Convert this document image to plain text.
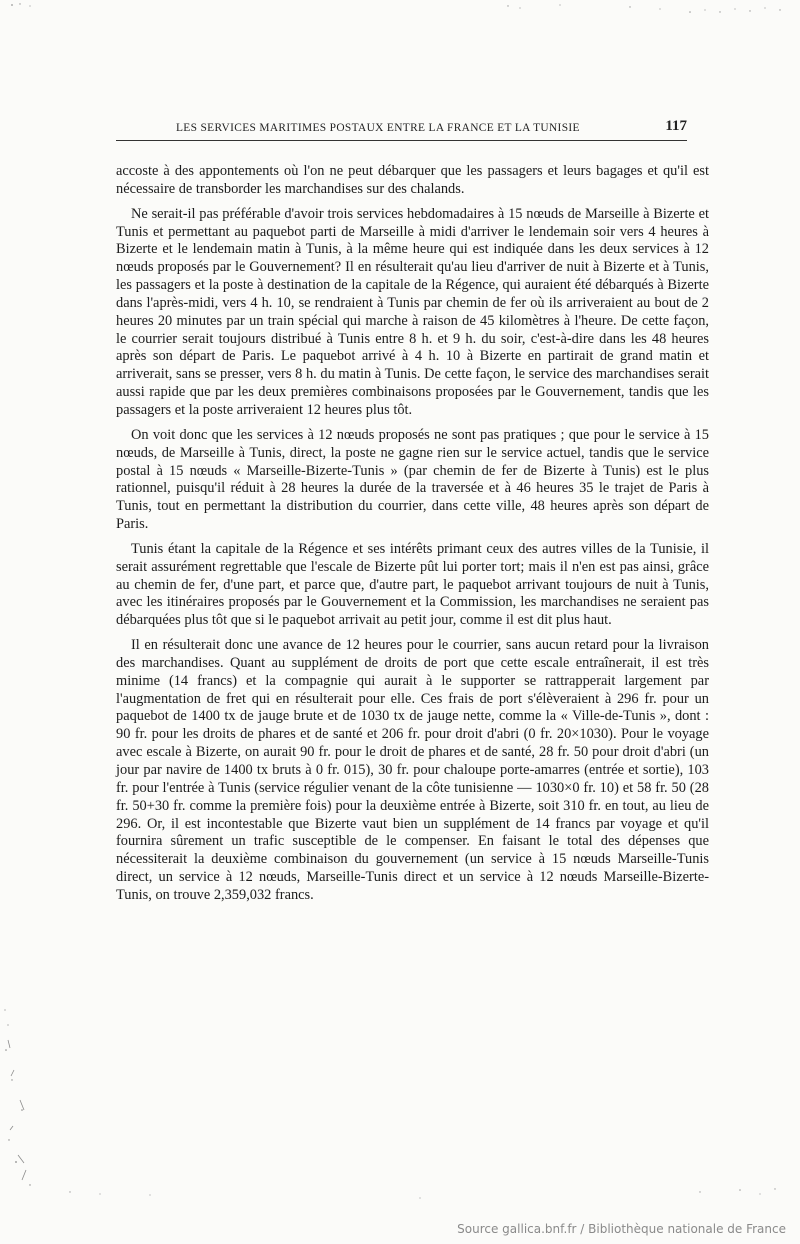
LES SERVICES MARITIMES POSTAUX ENTRE LA FRANCE ET LA TUNISIE	117

accoste à des appontements où l'on ne peut débarquer que les passagers et leurs bagages et qu'il est nécessaire de transborder les marchandises sur des chalands.

Ne serait-il pas préférable d'avoir trois services hebdomadaires à 15 nœuds de Marseille à Bizerte et Tunis et permettant au paquebot parti de Marseille à midi d'arriver le lendemain soir vers 4 heures à Bizerte et le lendemain matin à Tunis, à la même heure qui est indiquée dans les deux services à 12 nœuds proposés par le Gouvernement? Il en résulterait qu'au lieu d'arriver de nuit à Bizerte et à Tunis, les passagers et la poste à destination de la capitale de la Régence, qui auraient été débarqués à Bizerte dans l'après-midi, vers 4 h. 10, se rendraient à Tunis par chemin de fer où ils arriveraient au bout de 2 heures 20 minutes par un train spécial qui marche à raison de 45 kilomètres à l'heure. De cette façon, le courrier serait toujours distribué à Tunis entre 8 h. et 9 h. du soir, c'est-à-dire dans les 48 heures après son départ de Paris. Le paquebot arrivé à 4 h. 10 à Bizerte en partirait de grand matin et arriverait, sans se presser, vers 8 h. du matin à Tunis. De cette façon, le service des marchandises serait aussi rapide que par les deux premières combinaisons proposées par le Gouvernement, tandis que les passagers et la poste arriveraient 12 heures plus tôt.

On voit donc que les services à 12 nœuds proposés ne sont pas pratiques ; que pour le service à 15 nœuds, de Marseille à Tunis, direct, la poste ne gagne rien sur le service actuel, tandis que le service postal à 15 nœuds « Marseille-Bizerte-Tunis » (par chemin de fer de Bizerte à Tunis) est le plus rationnel, puisqu'il réduit à 28 heures la durée de la traversée et à 46 heures 35 le trajet de Paris à Tunis, tout en permettant la distribution du courrier, dans cette ville, 48 heures après son départ de Paris.

Tunis étant la capitale de la Régence et ses intérêts primant ceux des autres villes de la Tunisie, il serait assurément regrettable que l'escale de Bizerte pût lui porter tort; mais il n'en est pas ainsi, grâce au chemin de fer, d'une part, et parce que, d'autre part, le paquebot arrivant toujours de nuit à Tunis, avec les itinéraires proposés par le Gouvernement et la Commission, les marchandises ne seraient pas débarquées plus tôt que si le paquebot arrivait au petit jour, comme il est dit plus haut.

Il en résulterait donc une avance de 12 heures pour le courrier, sans aucun retard pour la livraison des marchandises. Quant au supplément de droits de port que cette escale entraînerait, il est très minime (14 francs) et la compagnie qui aurait à le supporter se rattrapperait largement par l'augmentation de fret qui en résulterait pour elle. Ces frais de port s'élèveraient à 296 fr. pour un paquebot de 1400 tx de jauge brute et de 1030 tx de jauge nette, comme la « Ville-de-Tunis », dont : 90 fr. pour les droits de phares et de santé et 206 fr. pour droit d'abri (0 fr. 20×1030). Pour le voyage avec escale à Bizerte, on aurait 90 fr. pour le droit de phares et de santé, 28 fr. 50 pour droit d'abri (un jour par navire de 1400 tx bruts à 0 fr. 015), 30 fr. pour chaloupe porte-amarres (entrée et sortie), 103 fr. pour l'entrée à Tunis (service régulier venant de la côte tunisienne — 1030×0 fr. 10) et 58 fr. 50 (28 fr. 50+30 fr. comme la première fois) pour la deuxième entrée à Bizerte, soit 310 fr. en tout, au lieu de 296. Or, il est incontestable que Bizerte vaut bien un supplément de 14 francs par voyage et qu'il fournira sûrement un trafic susceptible de le compenser. En faisant le total des dépenses que nécessiterait la deuxième combinaison du gouvernement (un service à 15 nœuds Marseille-Tunis direct, un service à 12 nœuds, Marseille-Tunis direct et un service à 12 nœuds Marseille-Bizerte-Tunis, on trouve 2,359,032 francs.

Source gallica.bnf.fr / Bibliothèque nationale de France
